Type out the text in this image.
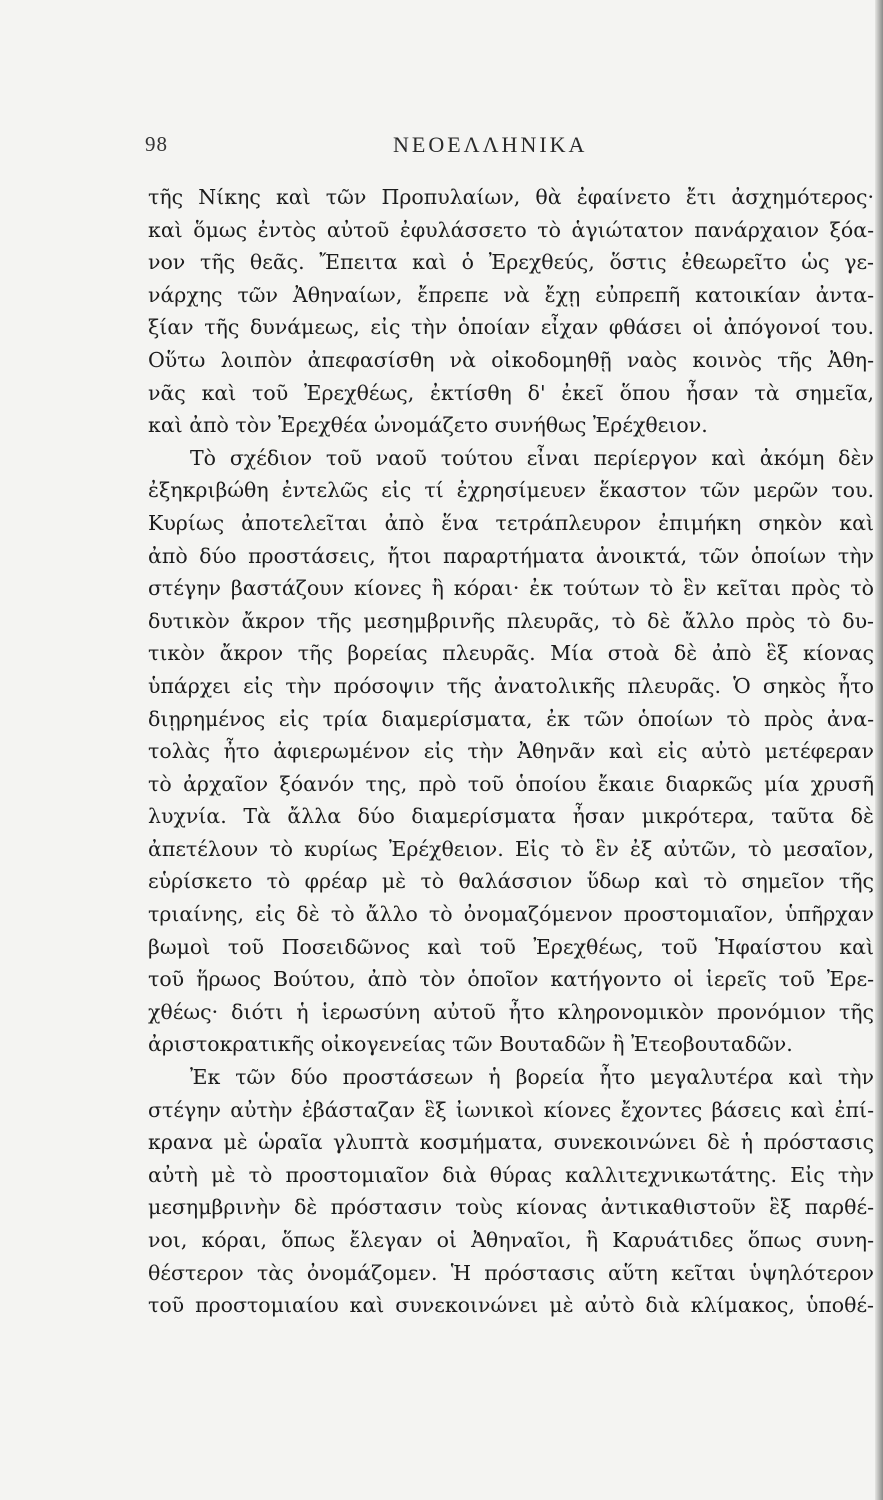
98	ΝΕΟΕΛΛΗΝΙΚΑ
τῆς Νίκης καὶ τῶν Προπυλαίων, θὰ ἐφαίνετο ἔτι ἀσχημότερος·
καὶ ὅμως ἐντὸς αὐτοῦ ἐφυλάσσετο τὸ ἁγιώτατον πανάρχαιον ξόα-
νον τῆς θεᾶς. Ἔπειτα καὶ ὁ Ἐρεχθεύς, ὅστις ἐθεωρεῖτο ὡς γε-
νάρχης τῶν Ἀθηναίων, ἔπρεπε νὰ ἔχῃ εὐπρεπῆ κατοικίαν ἀντα-
ξίαν τῆς δυνάμεως, εἰς τὴν ὁποίαν εἶχαν φθάσει οἱ ἀπόγονοί του.
Οὕτω λοιπὸν ἀπεφασίσθη νὰ οἰκοδομηθῇ ναὸς κοινὸς τῆς Ἀθη-
νᾶς καὶ τοῦ Ἐρεχθέως, ἐκτίσθη δ' ἐκεῖ ὅπου ἦσαν τὰ σημεῖα,
καὶ ἀπὸ τὸν Ἐρεχθέα ὠνομάζετο συνήθως Ἐρέχθειον.
Τὸ σχέδιον τοῦ ναοῦ τούτου εἶναι περίεργον καὶ ἀκόμη δὲν
ἐξηκριβώθη ἐντελῶς εἰς τί ἐχρησίμευεν ἕκαστον τῶν μερῶν του.
Κυρίως ἀποτελεῖται ἀπὸ ἕνα τετράπλευρον ἐπιμήκη σηκὸν καὶ
ἀπὸ δύο προστάσεις, ἤτοι παραρτήματα ἀνοικτά, τῶν ὁποίων τὴν
στέγην βαστάζουν κίονες ἢ κόραι· ἐκ τούτων τὸ ἓν κεῖται πρὸς τὸ
δυτικὸν ἄκρον τῆς μεσημβρινῆς πλευρᾶς, τὸ δὲ ἄλλο πρὸς τὸ δυ-
τικὸν ἄκρον τῆς βορείας πλευρᾶς. Μία στοὰ δὲ ἀπὸ ἓξ κίονας
ὑπάρχει εἰς τὴν πρόσοψιν τῆς ἀνατολικῆς πλευρᾶς. Ὁ σηκὸς ἦτο
διῃρημένος εἰς τρία διαμερίσματα, ἐκ τῶν ὁποίων τὸ πρὸς ἀνα-
τολὰς ἦτο ἀφιερωμένον εἰς τὴν Ἀθηνᾶν καὶ εἰς αὐτὸ μετέφεραν
τὸ ἀρχαῖον ξόανόν της, πρὸ τοῦ ὁποίου ἔκαιε διαρκῶς μία χρυσῆ
λυχνία. Τὰ ἄλλα δύο διαμερίσματα ἦσαν μικρότερα, ταῦτα δὲ
ἀπετέλουν τὸ κυρίως Ἐρέχθειον. Εἰς τὸ ἓν ἐξ αὐτῶν, τὸ μεσαῖον,
εὑρίσκετο τὸ φρέαρ μὲ τὸ θαλάσσιον ὕδωρ καὶ τὸ σημεῖον τῆς
τριαίνης, εἰς δὲ τὸ ἄλλο τὸ ὀνομαζόμενον προστομιαῖον, ὑπῆρχαν
βωμοὶ τοῦ Ποσειδῶνος καὶ τοῦ Ἐρεχθέως, τοῦ Ἡφαίστου καὶ
τοῦ ἥρωος Βούτου, ἀπὸ τὸν ὁποῖον κατήγοντο οἱ ἱερεῖς τοῦ Ἐρε-
χθέως· διότι ἡ ἱερωσύνη αὐτοῦ ἦτο κληρονομικὸν προνόμιον τῆς
ἀριστοκρατικῆς οἰκογενείας τῶν Βουταδῶν ἢ Ἐτεοβουταδῶν.
Ἐκ τῶν δύο προστάσεων ἡ βορεία ἦτο μεγαλυτέρα καὶ τὴν
στέγην αὐτὴν ἐβάσταζαν ἓξ ἰωνικοὶ κίονες ἔχοντες βάσεις καὶ ἐπί-
κρανα μὲ ὡραῖα γλυπτὰ κοσμήματα, συνεκοινώνει δὲ ἡ πρόστασις
αὐτὴ μὲ τὸ προστομιαῖον διὰ θύρας καλλιτεχνικωτάτης. Εἰς τὴν
μεσημβρινὴν δὲ πρόστασιν τοὺς κίονας ἀντικαθιστοῦν ἓξ παρθέ-
νοι, κόραι, ὅπως ἔλεγαν οἱ Ἀθηναῖοι, ἢ Καρυάτιδες ὅπως συνη-
θέστερον τὰς ὀνομάζομεν. Ἡ πρόστασις αὕτη κεῖται ὑψηλότερον
τοῦ προστομιαίου καὶ συνεκοινώνει μὲ αὐτὸ διὰ κλίμακος, ὑποθέ-
